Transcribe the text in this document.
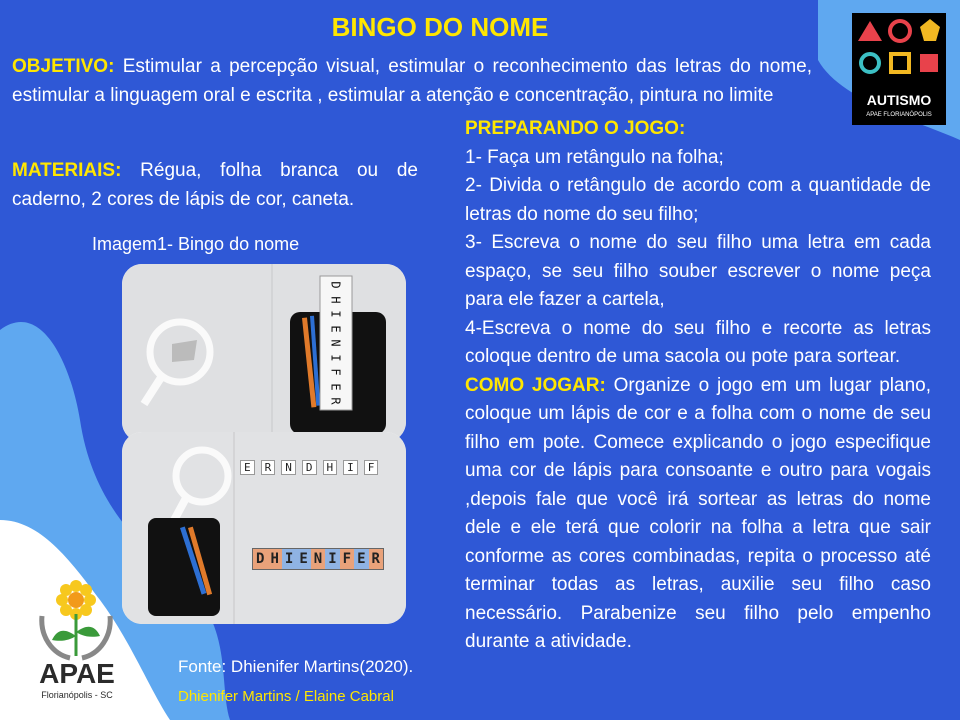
BINGO DO NOME

OBJETIVO: Estimular a percepção visual, estimular o reconhecimento das letras do nome, estimular a linguagem oral e escrita , estimular a atenção e concentração, pintura no limite

MATERIAIS: Régua, folha branca ou de caderno, 2 cores de lápis de cor, caneta.

Imagem1- Bingo do nome
D
H
I
E
N
I
F
E
R
E	R	N	D	H	I	F
D H I E N I F E R
PREPARANDO O JOGO:
1- Faça um retângulo na folha;
2- Divida o retângulo de acordo com a quantidade de letras do nome do seu filho;
3- Escreva o nome do seu filho uma letra em cada espaço, se seu filho souber escrever o nome peça para ele fazer a cartela,
4-Escreva o nome do seu filho e recorte as letras coloque dentro de uma sacola ou pote para sortear.
COMO JOGAR: Organize o jogo em um lugar plano, coloque um lápis de cor e a folha com o nome de seu filho em pote. Comece explicando o jogo especifique uma cor de lápis para consoante e outro para vogais ,depois fale que você irá sortear as letras do nome dele e ele terá que colorir na folha a letra que sair conforme as cores combinadas, repita o processo até terminar todas as letras, auxilie seu filho caso necessário. Parabenize seu filho pelo empenho durante a atividade.
Fonte: Dhienifer Martins(2020).
Dhienifer Martins / Elaine Cabral
AUTISMO
APAE FLORIANÓPOLIS
APAE
Florianópolis - SC
